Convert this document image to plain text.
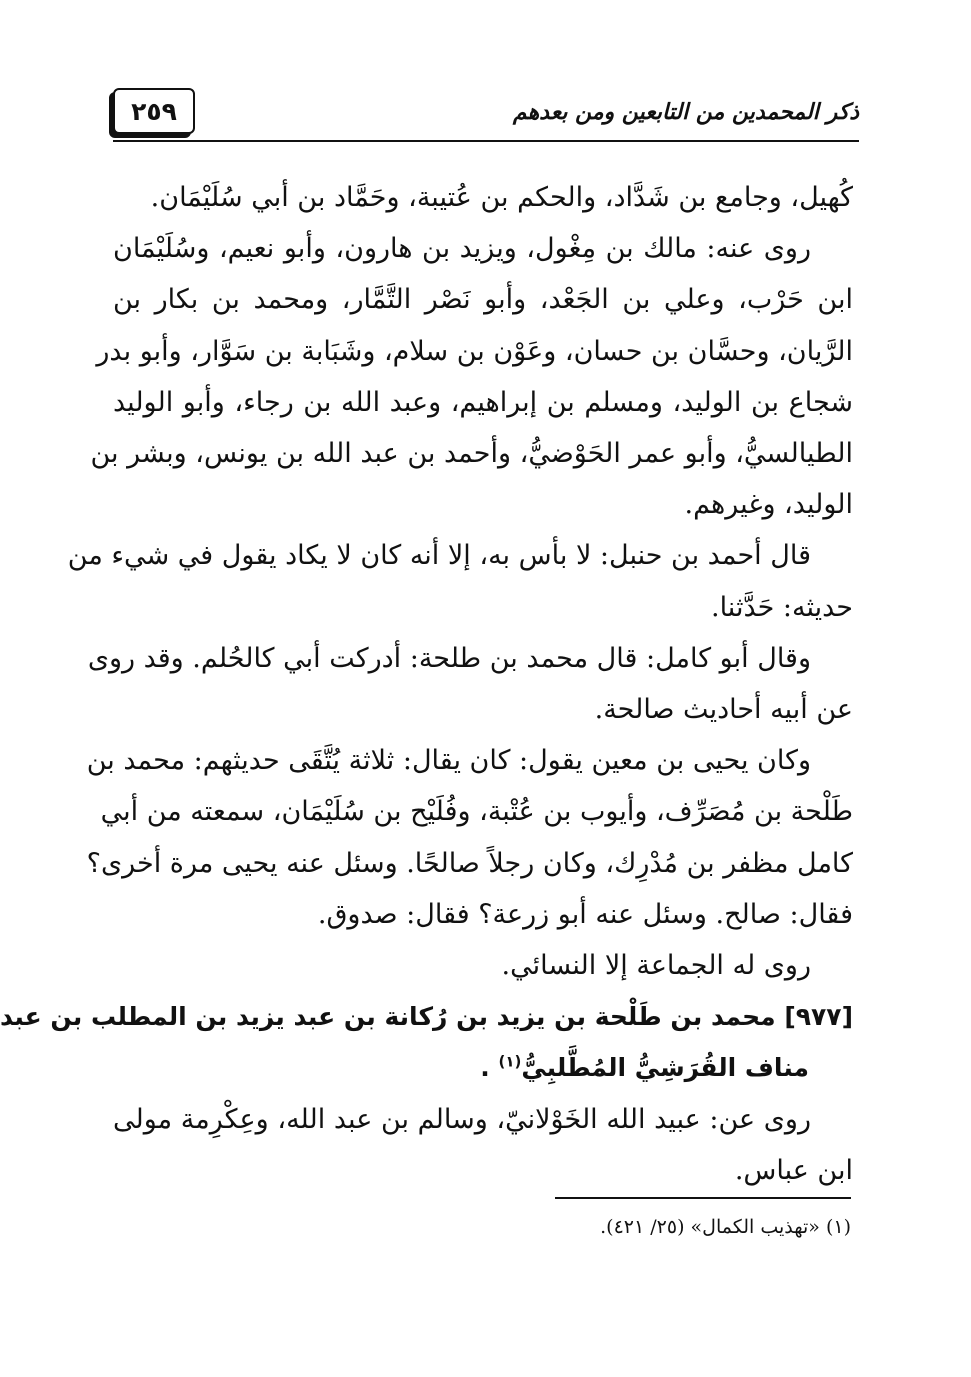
٢٥٩	ذكر المحمدين من التابعين ومن بعدهم
كُهيل، وجامع بن شَدَّاد، والحكم بن عُتيبة، وحَمَّاد بن أبي سُلَيْمَان.
روى عنه: مالك بن مِغْول، ويزيد بن هارون، وأبو نعيم، وسُلَيْمَان
ابن حَرْب، وعلي بن الجَعْد، وأبو نَصْر التَّمَّار، ومحمد بن بكار بن
الرَّيان، وحسَّان بن حسان، وعَوْن بن سلام، وشَبَابة بن سَوَّار، وأبو بدر
شجاع بن الوليد، ومسلم بن إبراهيم، وعبد الله بن رجاء، وأبو الوليد
الطيالسيُّ، وأبو عمر الحَوْضيُّ، وأحمد بن عبد الله بن يونس، وبشر بن
الوليد، وغيرهم.
قال أحمد بن حنبل: لا بأس به، إلا أنه كان لا يكاد يقول في شيء من
حديثه: حَدَّثنا.
وقال أبو كامل: قال محمد بن طلحة: أدركت أبي كالحُلم. وقد روى
عن أبيه أحاديث صالحة.
وكان يحيى بن معين يقول: كان يقال: ثلاثة يُتَّقَى حديثهم: محمد بن
طَلْحة بن مُصَرِّف، وأيوب بن عُتْبة، وفُلَيْح بن سُلَيْمَان، سمعته من أبي
كامل مظفر بن مُدْرِك، وكان رجلاً صالحًا. وسئل عنه يحيى مرة أخرى؟
فقال: صالح. وسئل عنه أبو زرعة؟ فقال: صدوق.
روى له الجماعة إلا النسائي.
[٩٧٧] محمد بن طَلْحة بن يزيد بن رُكانة بن عبد يزيد بن المطلب بن عبد
مناف القُرَشِيُّ المُطَّلبِيُّ$^{(١)}$ .
روى عن: عبيد الله الخَوْلانيّ، وسالم بن عبد الله، وعِكْرِمة مولى
ابن عباس.
(١) «تهذيب الكمال» (٢٥/ ٤٢١).
